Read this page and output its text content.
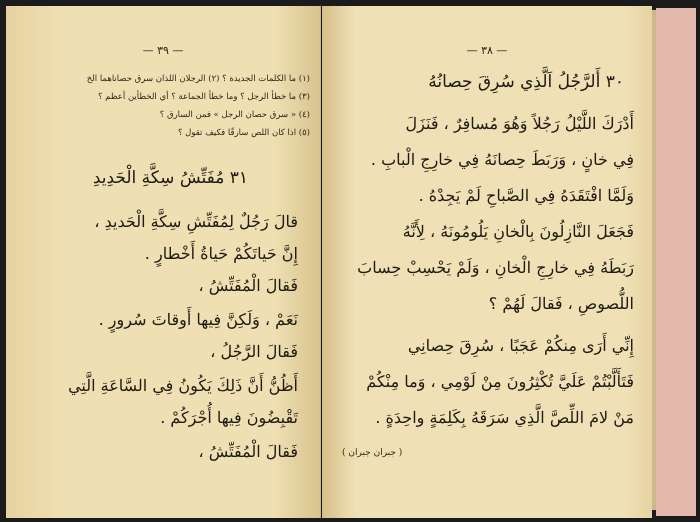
— ٣٩ —
(١) ما الكلمات الجديدة ؟ (٢) الرجلان اللذان سرق حصاناهما الخ
(٣) ما خطأ الرجل ؟ وما خطأ الجماعة ؟ أي الخطأين أعظم ؟
(٤) « سرق حصان الرجل » فمن السارق ؟
(٥) اذا كان اللص سارقًا فكيف تقول ؟
٣١ مُفَتِّشُ سِكَّةِ الْحَدِيدِ
قالَ رَجُلٌ لِمُفَتِّشِ سِكَّةِ الْحَديدِ ،
إِنَّ حَياتَكُمْ حَياةُ أَخْطارٍ .
فَقالَ الْمُفَتِّشُ ،
نَعَمْ ، وَلَكِنَّ فِيها أَوقاتَ سُرورٍ .
فَقالَ الرَّجُلُ ،
أَظُنُّ أَنَّ ذَلِكَ يَكُونُ فِي السَّاعَةِ الَّتِي
تَقْبِضُونَ فِيها أُجْرَكُمْ .
فَقالَ الْمُفَتِّشُ ،
— ٣٨ —
٣٠ أَلرَّجُلُ اَلَّذِي سُرِقَ حِصانُهُ
أَدْرَكَ اللَّيْلُ رَجُلاً وَهُوَ مُسافِرٌ ، فَنَزَلَ
فِي خانٍ ، وَرَبَطَ حِصانَهُ فِي خارِجِ الْبابِ .
وَلَمَّا افْتَقَدَهُ فِي الصَّباحِ لَمْ يَجِدْهُ .
فَجَعَلَ النَّازِلُونَ بِالْخانِ يَلُومُونَهُ ، لِأَنَّهُ
رَبَطَهُ فِي خارِجِ الْخانِ ، وَلَمْ يَحْسِبْ حِسابَ
اللُّصوصِ ، فَقالَ لَهُمْ ؟
إِنِّي أَرَى مِنكُمْ عَجَبًا ، سُرِقَ حِصانِي
فَتَأَلَّبْتُمْ عَلَيَّ تُكْثِرُونَ مِنْ لَوْمِي ، وَما مِنْكُمْ
مَنْ لامَ اللِّصَّ الَّذِي سَرَقَهُ بِكَلِمَةٍ واحِدَةٍ .
( جبران جبران )
